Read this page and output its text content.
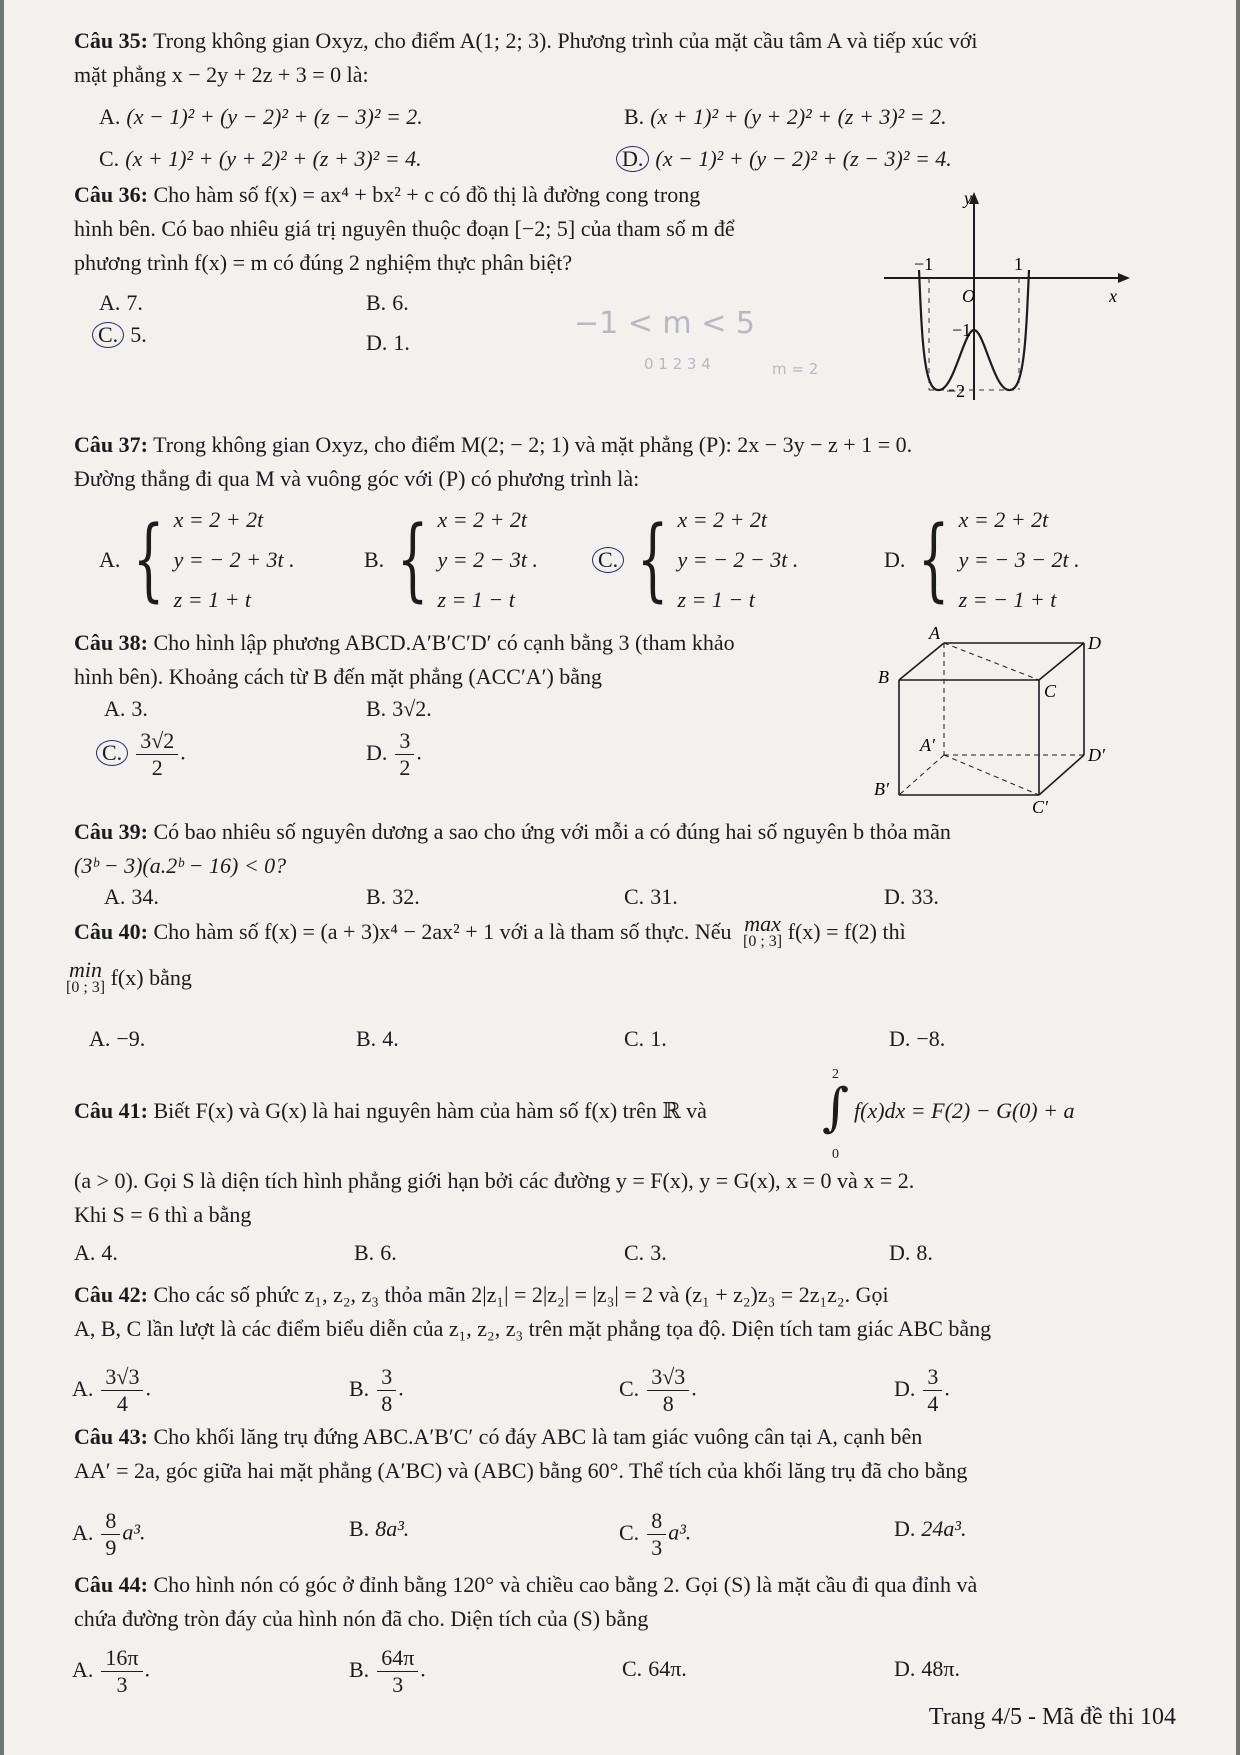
Câu 35: Trong không gian Oxyz, cho điểm A(1; 2; 3). Phương trình của mặt cầu tâm A và tiếp xúc với
mặt phẳng x − 2y + 2z + 3 = 0 là:
A. (x − 1)² + (y − 2)² + (z − 3)² = 2.	B. (x + 1)² + (y + 2)² + (z + 3)² = 2.
C. (x + 1)² + (y + 2)² + (z + 3)² = 4.	D. (x − 1)² + (y − 2)² + (z − 3)² = 4.
Câu 36: Cho hàm số f(x) = ax⁴ + bx² + c có đồ thị là đường cong trong
hình bên. Có bao nhiêu giá trị nguyên thuộc đoạn [−2; 5] của tham số m để
phương trình f(x) = m có đúng 2 nghiệm thực phân biệt?
A. 7.	B. 6.
C. 5.	D. 1.
−1 < m < 5
0 1 2 3 4	m = 2
y
x
O
−1	1
−1
−2
Câu 37: Trong không gian Oxyz, cho điểm M(2; − 2; 1) và mặt phẳng (P): 2x − 3y − z + 1 = 0.
Đường thẳng đi qua M và vuông góc với (P) có phương trình là:
A. { x = 2 + 2t
y = − 2 + 3t .
z = 1 + t
B. { x = 2 + 2t
y = 2 − 3t .
z = 1 − t
C. { x = 2 + 2t
y = − 2 − 3t .
z = 1 − t
D. { x = 2 + 2t
y = − 3 − 2t .
z = − 1 + t
Câu 38: Cho hình lập phương ABCD.A′B′C′D′ có cạnh bằng 3 (tham khảo
hình bên). Khoảng cách từ B đến mặt phẳng (ACC′A′) bằng
A. 3.	B. 3√2.
C. $\frac{3√2}{2}$ .	D. $\frac{3}{2}$ .
A	D
B
C
A′	D′
B′
C′
Câu 39: Có bao nhiêu số nguyên dương a sao cho ứng với mỗi a có đúng hai số nguyên b thỏa mãn
(3ᵇ − 3)(a.2ᵇ − 16) < 0?
A. 34.	B. 32.	C. 31.	D. 33.
Câu 40: Cho hàm số f(x) = (a + 3)x⁴ − 2ax² + 1 với a là tham số thực. Nếu max
[0 ; 3] f(x) = f(2) thì
min
[0 ; 3] f(x) bằng
A. −9.	B. 4.	C. 1.	D. −8.
Câu 41: Biết F(x) và G(x) là hai nguyên hàm của hàm số f(x) trên ℝ và
2
∫
0
f(x)dx = F(2) − G(0) + a
(a > 0). Gọi S là diện tích hình phẳng giới hạn bởi các đường y = F(x), y = G(x), x = 0 và x = 2.
Khi S = 6 thì a bằng
A. 4.	B. 6.	C. 3.	D. 8.
Câu 42: Cho các số phức z₁, z₂, z₃ thỏa mãn 2|z₁| = 2|z₂| = |z₃| = 2 và (z₁ + z₂)z₃ = 2z₁z₂. Gọi
A, B, C lần lượt là các điểm biểu diễn của z₁, z₂, z₃ trên mặt phẳng tọa độ. Diện tích tam giác ABC bằng
A. $\frac{3√3}{4}$ .	B. $\frac{3}{8}$ .	C. $\frac{3√3}{8}$ .	D. $\frac{3}{4}$ .
Câu 43: Cho khối lăng trụ đứng ABC.A′B′C′ có đáy ABC là tam giác vuông cân tại A, cạnh bên
AA′ = 2a, góc giữa hai mặt phẳng (A′BC) và (ABC) bằng 60°. Thể tích của khối lăng trụ đã cho bằng
A. $\frac{8}{9} a^3$.	B. 8a³.	C. $\frac{8}{3} a^3$.	D. 24a³.
Câu 44: Cho hình nón có góc ở đỉnh bằng 120° và chiều cao bằng 2. Gọi (S) là mặt cầu đi qua đỉnh và
chứa đường tròn đáy của hình nón đã cho. Diện tích của (S) bằng
A. $\frac{16\pi}{3}$ .	B. $\frac{64\pi}{3}$ .	C. 64π.	D. 48π.
Trang 4/5 - Mã đề thi 104
